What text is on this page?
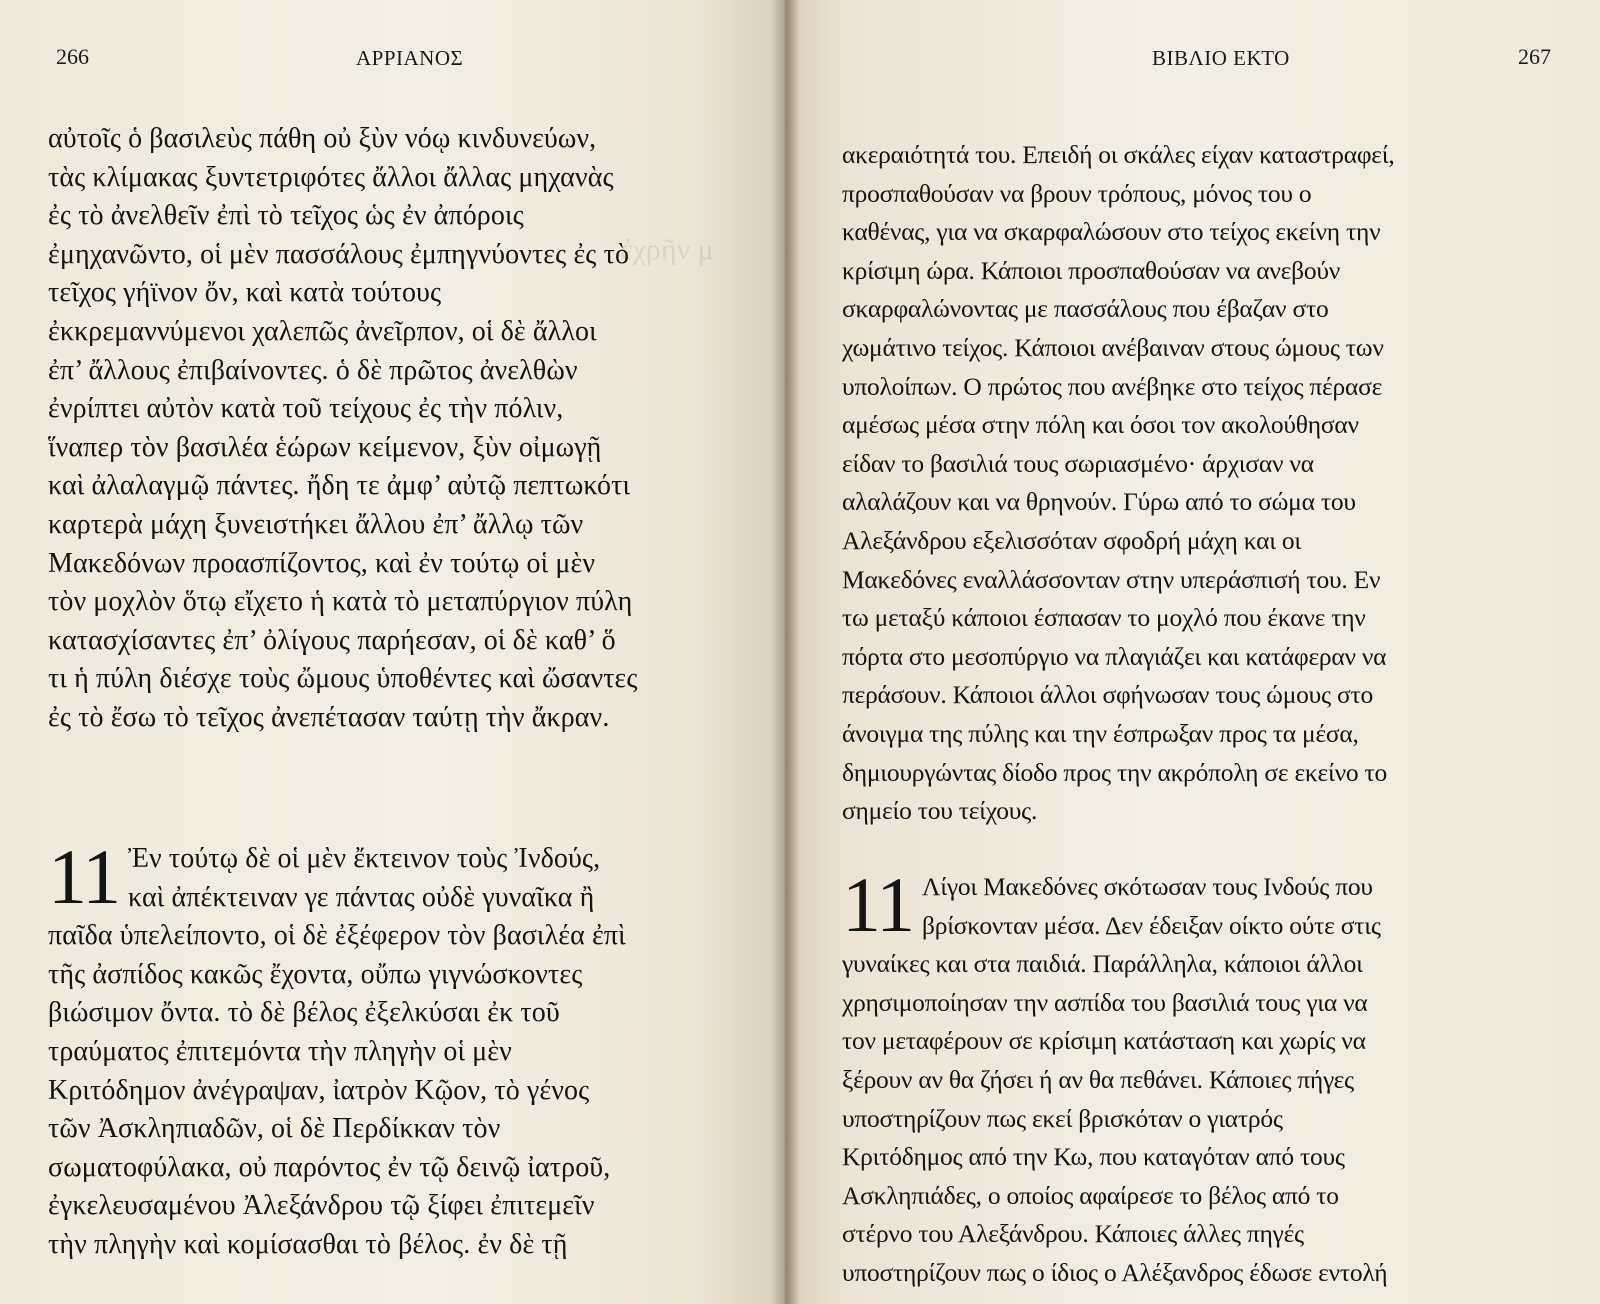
ἐχρῆν μ
266	ΑΡΡΙΑΝΟΣ
αὐτοῖς ὁ βασιλεὺς πάθη οὐ ξὺν νόῳ κινδυνεύων,
τὰς κλίμακας ξυντετριφότες ἄλλοι ἄλλας μηχανὰς
ἐς τὸ ἀνελθεῖν ἐπὶ τὸ τεῖχος ὡς ἐν ἀπόροις
ἐμηχανῶντο, οἱ μὲν πασσάλους ἐμπηγνύοντες ἐς τὸ
τεῖχος γήϊνον ὄν, καὶ κατὰ τούτους
ἐκκρεμαννύμενοι χαλεπῶς ἀνεῖρπον, οἱ δὲ ἄλλοι
ἐπ’ ἄλλους ἐπιβαίνοντες. ὁ δὲ πρῶτος ἀνελθὼν
ἐνρίπτει αὐτὸν κατὰ τοῦ τείχους ἐς τὴν πόλιν,
ἵναπερ τὸν βασιλέα ἑώρων κείμενον, ξὺν οἰμωγῇ
καὶ ἀλαλαγμῷ πάντες. ἤδη τε ἀμφ’ αὐτῷ πεπτωκότι
καρτερὰ μάχη ξυνειστήκει ἄλλου ἐπ’ ἄλλῳ τῶν
Μακεδόνων προασπίζοντος, καὶ ἐν τούτῳ οἱ μὲν
τὸν μοχλὸν ὅτῳ εἴχετο ἡ κατὰ τὸ μεταπύργιον πύλη
κατασχίσαντες ἐπ’ ὀλίγους παρήεσαν, οἱ δὲ καθ’ ὅ
τι ἡ πύλη διέσχε τοὺς ὤμους ὑποθέντες καὶ ὤσαντες
ἐς τὸ ἔσω τὸ τεῖχος ἀνεπέτασαν ταύτῃ τὴν ἄκραν.
11 Ἐν τούτῳ δὲ οἱ μὲν ἔκτεινον τοὺς Ἰνδούς,
καὶ ἀπέκτειναν γε πάντας οὐδὲ γυναῖκα ἢ
παῖδα ὑπελείποντο, οἱ δὲ ἐξέφερον τὸν βασιλέα ἐπὶ
τῆς ἀσπίδος κακῶς ἔχοντα, οὔπω γιγνώσκοντες
βιώσιμον ὄντα. τὸ δὲ βέλος ἐξελκύσαι ἐκ τοῦ
τραύματος ἐπιτεμόντα τὴν πληγὴν οἱ μὲν
Κριτόδημον ἀνέγραψαν, ἰατρὸν Κῷον, τὸ γένος
τῶν Ἀσκληπιαδῶν, οἱ δὲ Περδίκκαν τὸν
σωματοφύλακα, οὐ παρόντος ἐν τῷ δεινῷ ἰατροῦ,
ἐγκελευσαμένου Ἀλεξάνδρου τῷ ξίφει ἐπιτεμεῖν
τὴν πληγὴν καὶ κομίσασθαι τὸ βέλος. ἐν δὲ τῇ
267
ΒΙΒΛΙΟ ΕΚΤΟ
ακεραιότητά του. Επειδή οι σκάλες είχαν καταστραφεί,
προσπαθούσαν να βρουν τρόπους, μόνος του ο
καθένας, για να σκαρφαλώσουν στο τείχος εκείνη την
κρίσιμη ώρα. Κάποιοι προσπαθούσαν να ανεβούν
σκαρφαλώνοντας με πασσάλους που έβαζαν στο
χωμάτινο τείχος. Κάποιοι ανέβαιναν στους ώμους των
υπολοίπων. Ο πρώτος που ανέβηκε στο τείχος πέρασε
αμέσως μέσα στην πόλη και όσοι τον ακολούθησαν
είδαν το βασιλιά τους σωριασμένο· άρχισαν να
αλαλάζουν και να θρηνούν. Γύρω από το σώμα του
Αλεξάνδρου εξελισσόταν σφοδρή μάχη και οι
Μακεδόνες εναλλάσσονταν στην υπεράσπισή του. Εν
τω μεταξύ κάποιοι έσπασαν το μοχλό που έκανε την
πόρτα στο μεσοπύργιο να πλαγιάζει και κατάφεραν να
περάσουν. Κάποιοι άλλοι σφήνωσαν τους ώμους στο
άνοιγμα της πύλης και την έσπρωξαν προς τα μέσα,
δημιουργώντας δίοδο προς την ακρόπολη σε εκείνο το
σημείο του τείχους.
11 Λίγοι Μακεδόνες σκότωσαν τους Ινδούς που
βρίσκονταν μέσα. Δεν έδειξαν οίκτο ούτε στις
γυναίκες και στα παιδιά. Παράλληλα, κάποιοι άλλοι
χρησιμοποίησαν την ασπίδα του βασιλιά τους για να
τον μεταφέρουν σε κρίσιμη κατάσταση και χωρίς να
ξέρουν αν θα ζήσει ή αν θα πεθάνει. Κάποιες πήγες
υποστηρίζουν πως εκεί βρισκόταν ο γιατρός
Κριτόδημος από την Κω, που καταγόταν από τους
Ασκληπιάδες, ο οποίος αφαίρεσε το βέλος από το
στέρνο του Αλεξάνδρου. Κάποιες άλλες πηγές
υποστηρίζουν πως ο ίδιος ο Αλέξανδρος έδωσε εντολή
